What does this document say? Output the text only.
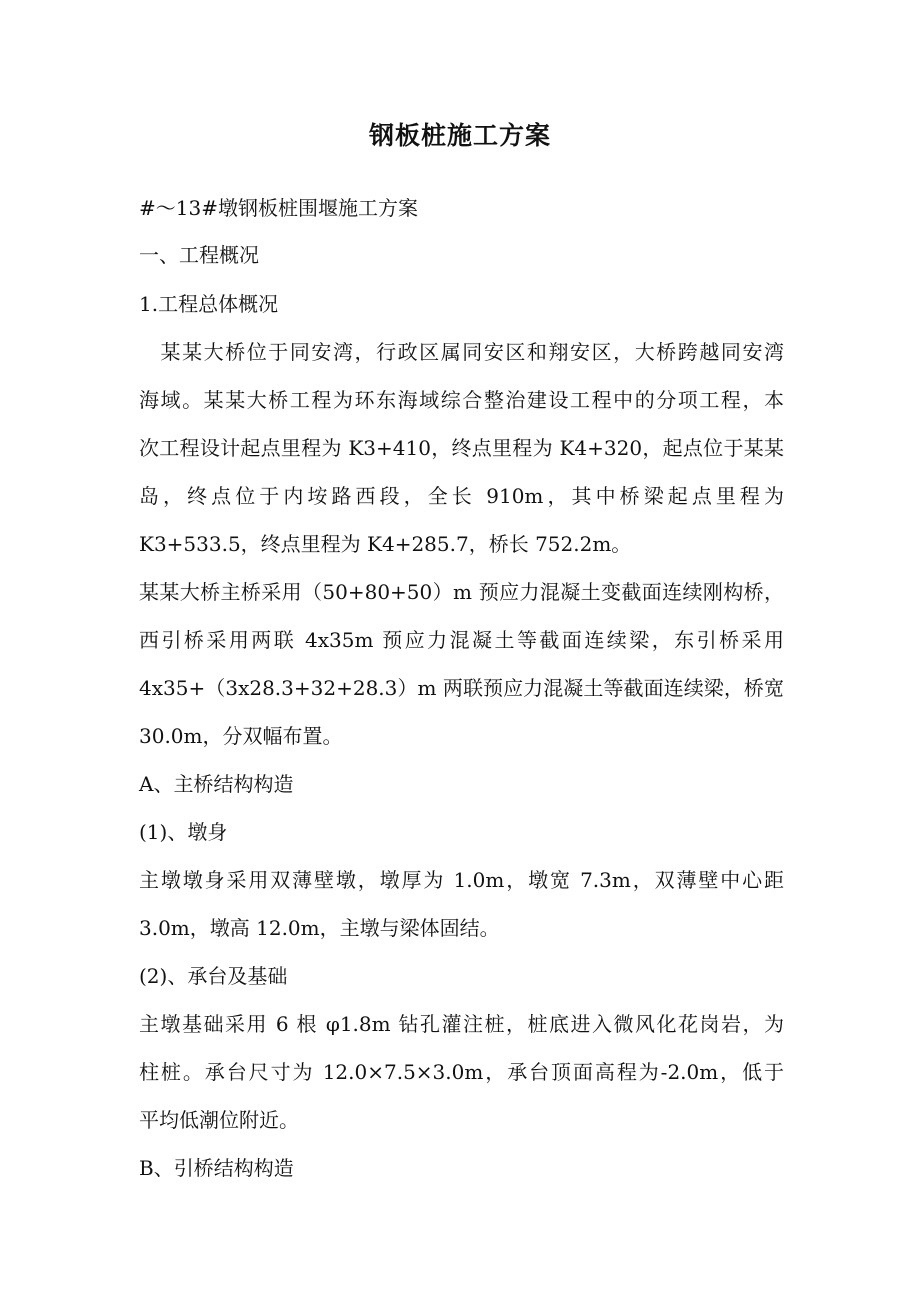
钢板桩施工方案
#～13#墩钢板桩围堰施工方案
一、工程概况
1.工程总体概况
　某某大桥位于同安湾，行政区属同安区和翔安区，大桥跨越同安湾
海域。某某大桥工程为环东海域综合整治建设工程中的分项工程，本
次工程设计起点里程为 K3+410，终点里程为 K4+320，起点位于某某
岛，终点位于内垵路西段，全长 910m，其中桥梁起点里程为
K3+533.5，终点里程为 K4+285.7，桥长 752.2m。
某某大桥主桥采用（50+80+50）m 预应力混凝土变截面连续刚构桥，
西引桥采用两联 4x35m 预应力混凝土等截面连续梁，东引桥采用
4x35+（3x28.3+32+28.3）m 两联预应力混凝土等截面连续梁，桥宽
30.0m，分双幅布置。
A、主桥结构构造
(1)、墩身
主墩墩身采用双薄壁墩，墩厚为 1.0m，墩宽 7.3m，双薄壁中心距
3.0m，墩高 12.0m，主墩与梁体固结。
(2)、承台及基础
主墩基础采用 6 根 φ1.8m 钻孔灌注桩，桩底进入微风化花岗岩，为
柱桩。承台尺寸为 12.0×7.5×3.0m，承台顶面高程为-2.0m，低于
平均低潮位附近。
B、引桥结构构造
